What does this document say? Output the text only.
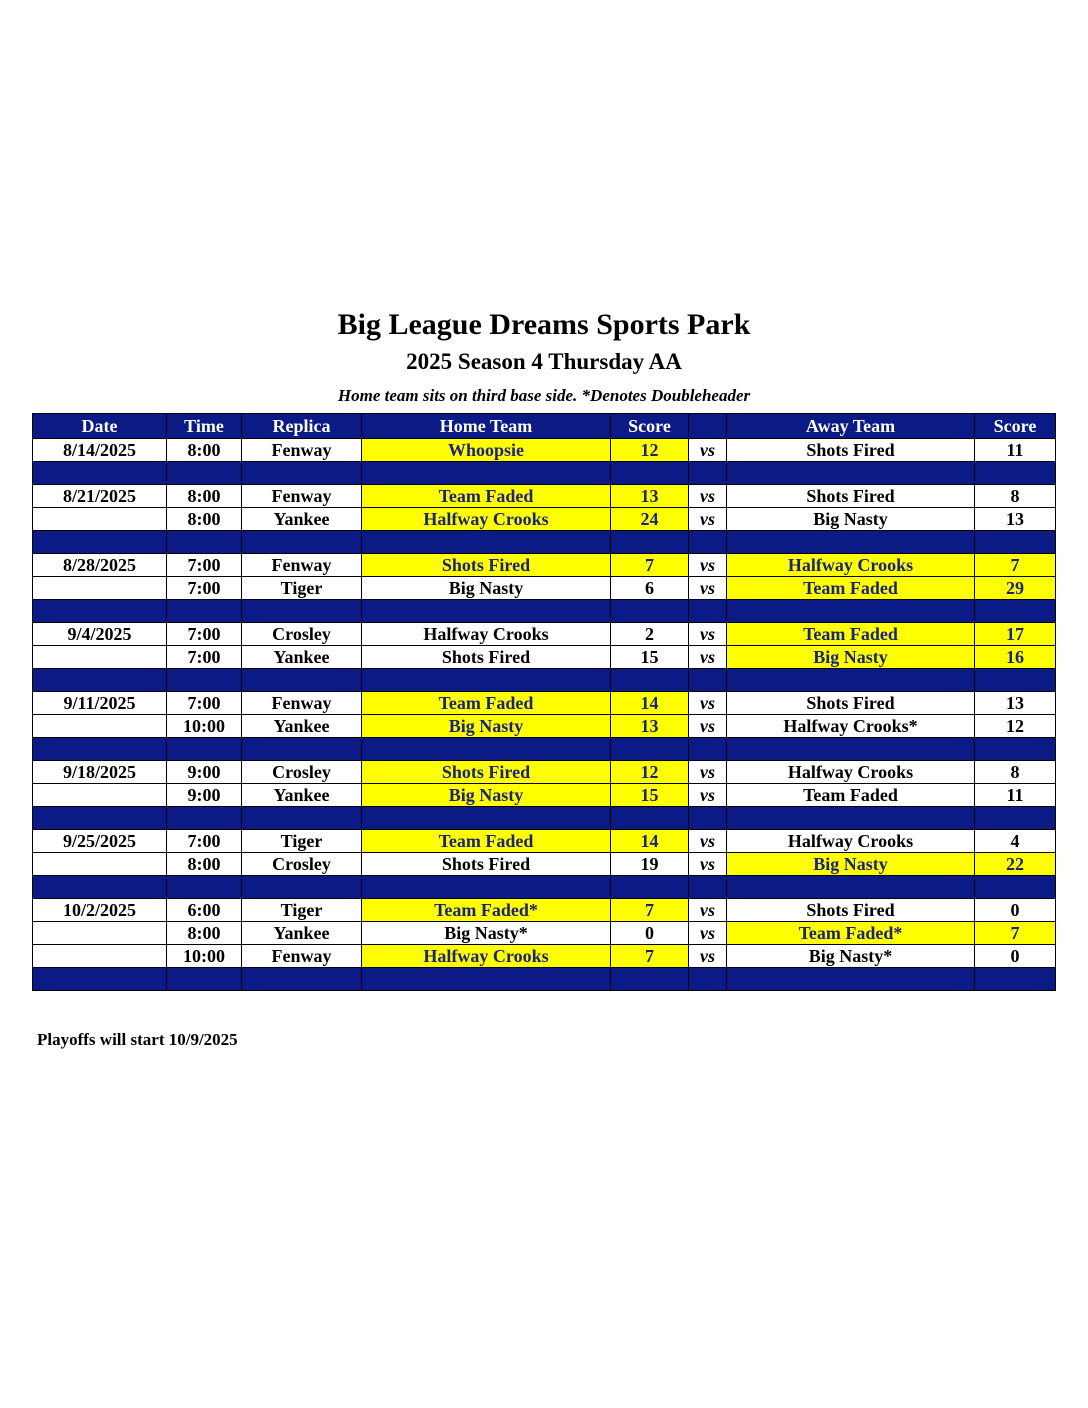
Big League Dreams Sports Park
2025 Season 4 Thursday AA
Home team sits on third base side. *Denotes Doubleheader
Date	Time	Replica	Home Team	Score		Away Team	Score
8/14/2025	8:00	Fenway	Whoopsie	12	vs	Shots Fired	11

8/21/2025	8:00	Fenway	Team Faded	13	vs	Shots Fired	8
	8:00	Yankee	Halfway Crooks	24	vs	Big Nasty	13

8/28/2025	7:00	Fenway	Shots Fired	7	vs	Halfway Crooks	7
	7:00	Tiger	Big Nasty	6	vs	Team Faded	29

9/4/2025	7:00	Crosley	Halfway Crooks	2	vs	Team Faded	17
	7:00	Yankee	Shots Fired	15	vs	Big Nasty	16

9/11/2025	7:00	Fenway	Team Faded	14	vs	Shots Fired	13
	10:00	Yankee	Big Nasty	13	vs	Halfway Crooks*	12

9/18/2025	9:00	Crosley	Shots Fired	12	vs	Halfway Crooks	8
	9:00	Yankee	Big Nasty	15	vs	Team Faded	11

9/25/2025	7:00	Tiger	Team Faded	14	vs	Halfway Crooks	4
	8:00	Crosley	Shots Fired	19	vs	Big Nasty	22

10/2/2025	6:00	Tiger	Team Faded*	7	vs	Shots Fired	0
	8:00	Yankee	Big Nasty*	0	vs	Team Faded*	7
	10:00	Fenway	Halfway Crooks	7	vs	Big Nasty*	0

Playoffs will start 10/9/2025
